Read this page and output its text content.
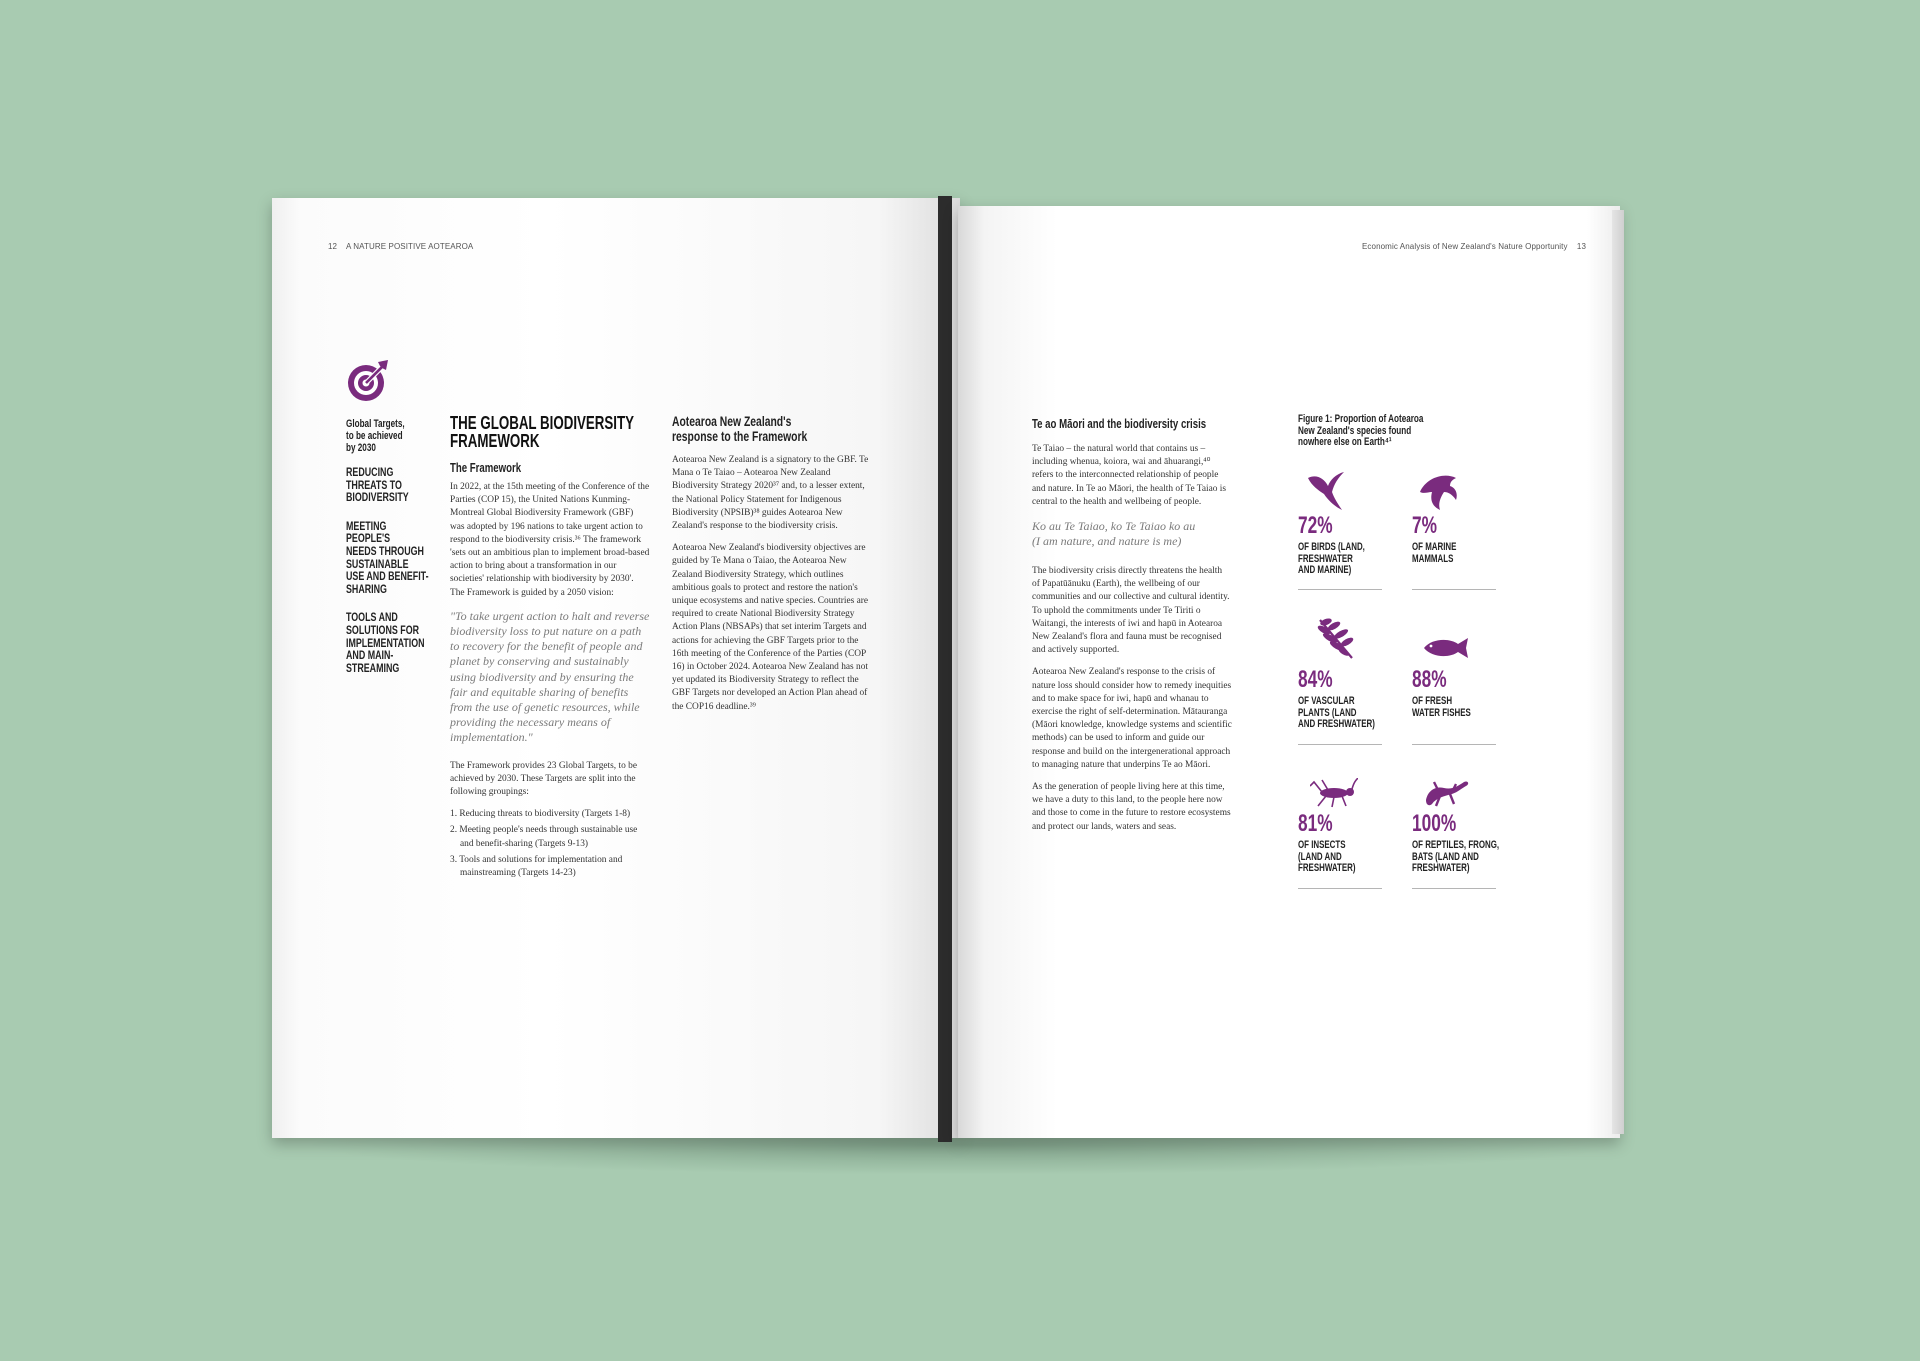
12 A NATURE POSITIVE AOTEAROA
Global Targets,
to be achieved
by 2030
REDUCING
THREATS TO
BIODIVERSITY
MEETING
PEOPLE'S
NEEDS THROUGH
SUSTAINABLE
USE AND BENEFIT-
SHARING
TOOLS AND
SOLUTIONS FOR
IMPLEMENTATION
AND MAIN-
STREAMING
THE GLOBAL BIODIVERSITY
FRAMEWORK
The Framework

In 2022, at the 15th meeting of the Conference of the Parties (COP 15), the United Nations Kunming-Montreal Global Biodiversity Framework (GBF) was adopted by 196 nations to take urgent action to respond to the biodiversity crisis.³⁶ The framework 'sets out an ambitious plan to implement broad-based action to bring about a transformation in our societies' relationship with biodiversity by 2030'. The Framework is guided by a 2050 vision:

"To take urgent action to halt and reverse biodiversity loss to put nature on a path to recovery for the benefit of people and planet by conserving and sustainably using biodiversity and by ensuring the fair and equitable sharing of benefits from the use of genetic resources, while providing the necessary means of implementation."

The Framework provides 23 Global Targets, to be achieved by 2030. These Targets are split into the following groupings:

1. Reducing threats to biodiversity (Targets 1-8)
2. Meeting people's needs through sustainable use and benefit-sharing (Targets 9-13)
3. Tools and solutions for implementation and mainstreaming (Targets 14-23)
Aotearoa New Zealand's
response to the Framework

Aotearoa New Zealand is a signatory to the GBF. Te Mana o Te Taiao – Aotearoa New Zealand Biodiversity Strategy 2020³⁷ and, to a lesser extent, the National Policy Statement for Indigenous Biodiversity (NPSIB)³⁸ guides Aotearoa New Zealand's response to the biodiversity crisis.

Aotearoa New Zealand's biodiversity objectives are guided by Te Mana o Taiao, the Aotearoa New Zealand Biodiversity Strategy, which outlines ambitious goals to protect and restore the nation's unique ecosystems and native species. Countries are required to create National Biodiversity Strategy Action Plans (NBSAPs) that set interim Targets and actions for achieving the GBF Targets prior to the 16th meeting of the Conference of the Parties (COP 16) in October 2024. Aotearoa New Zealand has not yet updated its Biodiversity Strategy to reflect the GBF Targets nor developed an Action Plan ahead of the COP16 deadline.³⁹

Economic Analysis of New Zealand's Nature Opportunity 13
Te ao Māori and the biodiversity crisis

Te Taiao – the natural world that contains us – including whenua, koiora, wai and āhuarangi,⁴⁰ refers to the interconnected relationship of people and nature. In Te ao Māori, the health of Te Taiao is central to the health and wellbeing of people.

Ko au Te Taiao, ko Te Taiao ko au
(I am nature, and nature is me)

The biodiversity crisis directly threatens the health of Papatūānuku (Earth), the wellbeing of our communities and our collective and cultural identity. To uphold the commitments under Te Tiriti o Waitangi, the interests of iwi and hapū in Aotearoa New Zealand's flora and fauna must be recognised and actively supported.

Aotearoa New Zealand's response to the crisis of nature loss should consider how to remedy inequities and to make space for iwi, hapū and whanau to exercise the right of self-determination. Mātauranga (Māori knowledge, knowledge systems and scientific methods) can be used to inform and guide our response and build on the intergenerational approach to managing nature that underpins Te ao Māori.

As the generation of people living here at this time, we have a duty to this land, to the people here now and those to come in the future to restore ecosystems and protect our lands, waters and seas.

Figure 1: Proportion of Aotearoa
New Zealand's species found
nowhere else on Earth⁴¹
72%
OF BIRDS (LAND,
FRESHWATER
AND MARINE)
7%
OF MARINE
MAMMALS
84%
OF VASCULAR
PLANTS (LAND
AND FRESHWATER)
88%
OF FRESH
WATER FISHES
81%
OF INSECTS
(LAND AND
FRESHWATER)
100%
OF REPTILES, FRONG,
BATS (LAND AND
FRESHWATER)
